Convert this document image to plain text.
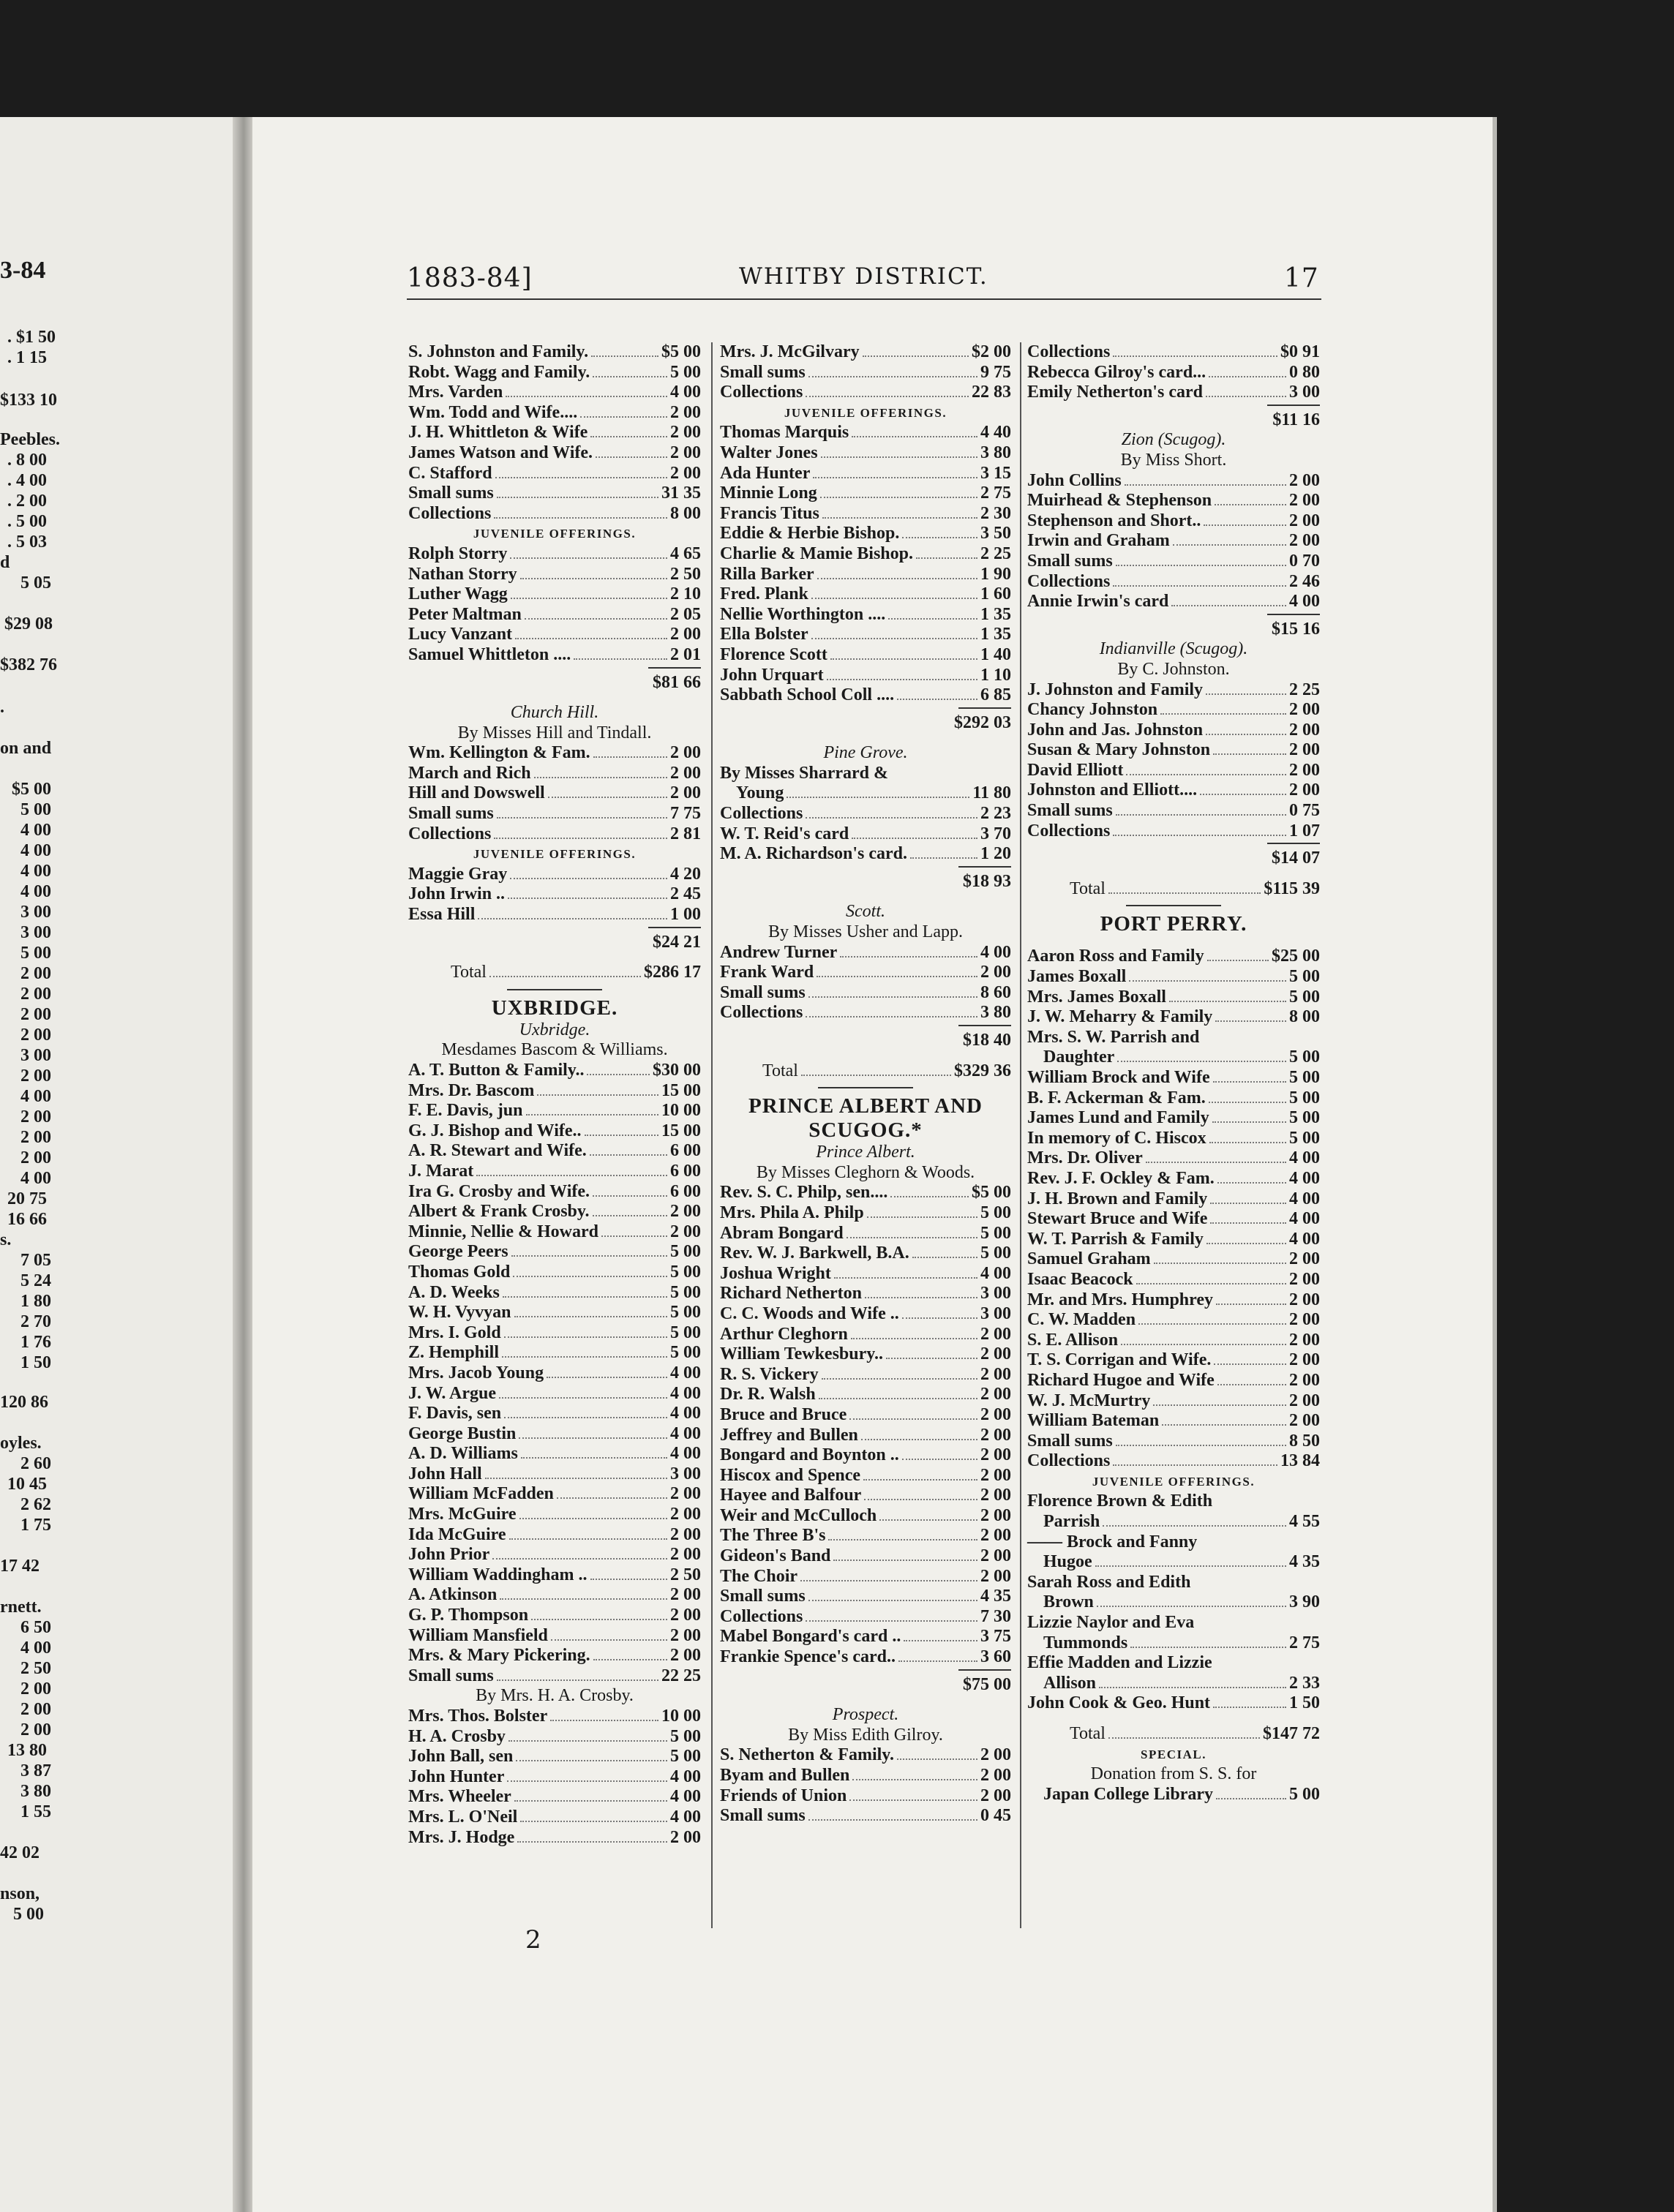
3-84
. $1 50
. 1 15
$133 10
Peebles.
. 8 00
. 4 00
. 2 00
. 5 00
. 5 03
d
5 05
$29 08
$382 76
.
on and
$5 00
5 00
4 00
4 00
4 00
4 00
3 00
3 00
5 00
2 00
2 00
2 00
2 00
3 00
2 00
4 00
2 00
2 00
2 00
4 00
20 75
16 66
s.
7 05
5 24
1 80
2 70
1 76
1 50
120 86
oyles.
2 60
10 45
2 62
1 75
17 42
rnett.
6 50
4 00
2 50
2 00
2 00
2 00
13 80
3 87
3 80
1 55
42 02
nson,
5 00
1883-84]	WHITBY DISTRICT.	17
S. Johnston and Family.	$5 00
Robt. Wagg and Family.	5 00
Mrs. Varden	4 00
Wm. Todd and Wife....	2 00
J. H. Whittleton & Wife	2 00
James Watson and Wife.	2 00
C. Stafford	2 00
Small sums	31 35
Collections	8 00
JUVENILE OFFERINGS.
Rolph Storry	4 65
Nathan Storry	2 50
Luther Wagg	2 10
Peter Maltman	2 05
Lucy Vanzant	2 00
Samuel Whittleton ....	2 01
$81 66
Church Hill.
By Misses Hill and Tindall.
Wm. Kellington & Fam.	2 00
March and Rich	2 00
Hill and Dowswell	2 00
Small sums	7 75
Collections	2 81
JUVENILE OFFERINGS.
Maggie Gray	4 20
John Irwin ..	2 45
Essa Hill	1 00
$24 21
Total	$286 17
UXBRIDGE.
Uxbridge.
Mesdames Bascom & Williams.
A. T. Button & Family..	$30 00
Mrs. Dr. Bascom	15 00
F. E. Davis, jun	10 00
G. J. Bishop and Wife..	15 00
A. R. Stewart and Wife.	6 00
J. Marat	6 00
Ira G. Crosby and Wife.	6 00
Albert & Frank Crosby.	2 00
Minnie, Nellie & Howard	2 00
George Peers	5 00
Thomas Gold	5 00
A. D. Weeks	5 00
W. H. Vyvyan	5 00
Mrs. I. Gold	5 00
Z. Hemphill	5 00
Mrs. Jacob Young	4 00
J. W. Argue	4 00
F. Davis, sen	4 00
George Bustin	4 00
A. D. Williams	4 00
John Hall	3 00
William McFadden	2 00
Mrs. McGuire	2 00
Ida McGuire	2 00
John Prior	2 00
William Waddingham ..	2 50
A. Atkinson	2 00
G. P. Thompson	2 00
William Mansfield	2 00
Mrs. & Mary Pickering.	2 00
Small sums	22 25
By Mrs. H. A. Crosby.
Mrs. Thos. Bolster	10 00
H. A. Crosby	5 00
John Ball, sen	5 00
John Hunter	4 00
Mrs. Wheeler	4 00
Mrs. L. O'Neil	4 00
Mrs. J. Hodge	2 00
Mrs. J. McGilvary	$2 00
Small sums	9 75
Collections	22 83
JUVENILE OFFERINGS.
Thomas Marquis	4 40
Walter Jones	3 80
Ada Hunter	3 15
Minnie Long	2 75
Francis Titus	2 30
Eddie & Herbie Bishop.	3 50
Charlie & Mamie Bishop.	2 25
Rilla Barker	1 90
Fred. Plank	1 60
Nellie Worthington ....	1 35
Ella Bolster	1 35
Florence Scott	1 40
John Urquart	1 10
Sabbath School Coll ....	6 85
$292 03
Pine Grove.
By Misses Sharrard &
Young	11 80
Collections	2 23
W. T. Reid's card	3 70
M. A. Richardson's card.	1 20
$18 93
Scott.
By Misses Usher and Lapp.
Andrew Turner	4 00
Frank Ward	2 00
Small sums	8 60
Collections	3 80
$18 40
Total	$329 36
PRINCE ALBERT AND
SCUGOG.*
Prince Albert.
By Misses Cleghorn & Woods.
Rev. S. C. Philp, sen....	$5 00
Mrs. Phila A. Philp	5 00
Abram Bongard	5 00
Rev. W. J. Barkwell, B.A.	5 00
Joshua Wright	4 00
Richard Netherton	3 00
C. C. Woods and Wife ..	3 00
Arthur Cleghorn	2 00
William Tewkesbury..	2 00
R. S. Vickery	2 00
Dr. R. Walsh	2 00
Bruce and Bruce	2 00
Jeffrey and Bullen	2 00
Bongard and Boynton ..	2 00
Hiscox and Spence	2 00
Hayee and Balfour	2 00
Weir and McCulloch	2 00
The Three B's	2 00
Gideon's Band	2 00
The Choir	2 00
Small sums	4 35
Collections	7 30
Mabel Bongard's card ..	3 75
Frankie Spence's card..	3 60
$75 00
Prospect.
By Miss Edith Gilroy.
S. Netherton & Family.	2 00
Byam and Bullen	2 00
Friends of Union	2 00
Small sums	0 45
Collections	$0 91
Rebecca Gilroy's card...	0 80
Emily Netherton's card	3 00
$11 16
Zion (Scugog).
By Miss Short.
John Collins	2 00
Muirhead & Stephenson	2 00
Stephenson and Short..	2 00
Irwin and Graham	2 00
Small sums	0 70
Collections	2 46
Annie Irwin's card	4 00
$15 16
Indianville (Scugog).
By C. Johnston.
J. Johnston and Family	2 25
Chancy Johnston	2 00
John and Jas. Johnston	2 00
Susan & Mary Johnston	2 00
David Elliott	2 00
Johnston and Elliott....	2 00
Small sums	0 75
Collections	1 07
$14 07
Total	$115 39
PORT PERRY.
Aaron Ross and Family	$25 00
James Boxall	5 00
Mrs. James Boxall	5 00
J. W. Meharry & Family	8 00
Mrs. S. W. Parrish and
Daughter	5 00
William Brock and Wife	5 00
B. F. Ackerman & Fam.	5 00
James Lund and Family	5 00
In memory of C. Hiscox	5 00
Mrs. Dr. Oliver	4 00
Rev. J. F. Ockley & Fam.	4 00
J. H. Brown and Family	4 00
Stewart Bruce and Wife	4 00
W. T. Parrish & Family	4 00
Samuel Graham	2 00
Isaac Beacock	2 00
Mr. and Mrs. Humphrey	2 00
C. W. Madden	2 00
S. E. Allison	2 00
T. S. Corrigan and Wife.	2 00
Richard Hugoe and Wife	2 00
W. J. McMurtry	2 00
William Bateman	2 00
Small sums	8 50
Collections	13 84
JUVENILE OFFERINGS.
Florence Brown & Edith
Parrish	4 55
—— Brock and Fanny
Hugoe	4 35
Sarah Ross and Edith
Brown	3 90
Lizzie Naylor and Eva
Tummonds	2 75
Effie Madden and Lizzie
Allison	2 33
John Cook & Geo. Hunt	1 50
Total	$147 72
SPECIAL.
Donation from S. S. for
Japan College Library	5 00
2
